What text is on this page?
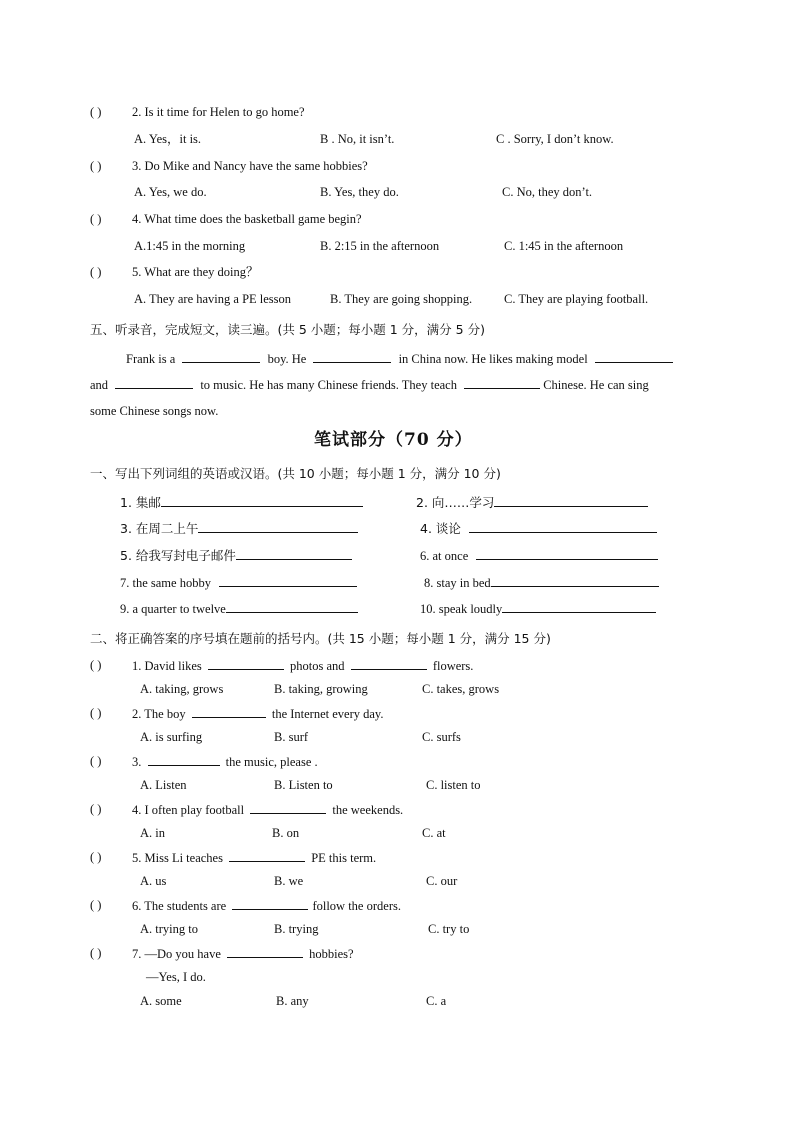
( ) 2. Is it time for Helen to go home?
A. Yes，it is.	B . No, it isn’t.	C . Sorry, I don’t know.
( ) 3. Do Mike and Nancy have the same hobbies?
A. Yes, we do.	B. Yes, they do.	C. No, they don’t.
( ) 4. What time does the basketball game begin?
A.1:45 in the morning	B. 2:15 in the afternoon	C. 1:45 in the afternoon
( ) 5. What are they doing？
A. They are having a PE lesson	B. They are going shopping.	C. They are playing football.
五、听录音，完成短文，读三遍。(共 5 小题；每小题 1 分，满分 5 分)
Frank is a	boy. He	in China now. He likes making model
and	to music. He has many Chinese friends. They teach	Chinese. He can sing
some Chinese songs now.
笔试部分（70 分）
一、写出下列词组的英语或汉语。(共 10 小题；每小题 1 分，满分 10 分)
1. 集邮	2. 向……学习
3. 在周二上午	4. 谈论
5. 给我写封电子邮件	6. at once
7. the same hobby	8. stay in bed
9. a quarter to twelve	10. speak loudly
二、将正确答案的序号填在题前的括号内。(共 15 小题；每小题 1 分，满分 15 分)
( ) 1. David likes	photos and	flowers.
A. taking, grows	B. taking, growing	C. takes, grows
( ) 2. The boy	the Internet every day.
A. is surfing	B. surf	C. surfs
( ) 3.	the music, please .
A. Listen	B. Listen to	C. listen to
( ) 4. I often play football	the weekends.
A. in	B. on	C. at
( ) 5. Miss Li teaches	PE this term.
A. us	B. we	C. our
( ) 6. The students are	follow the orders.
A. trying to	B. trying	C. try to
( ) 7. —Do you have	hobbies?
—Yes, I do.
A. some	B. any	C. a
